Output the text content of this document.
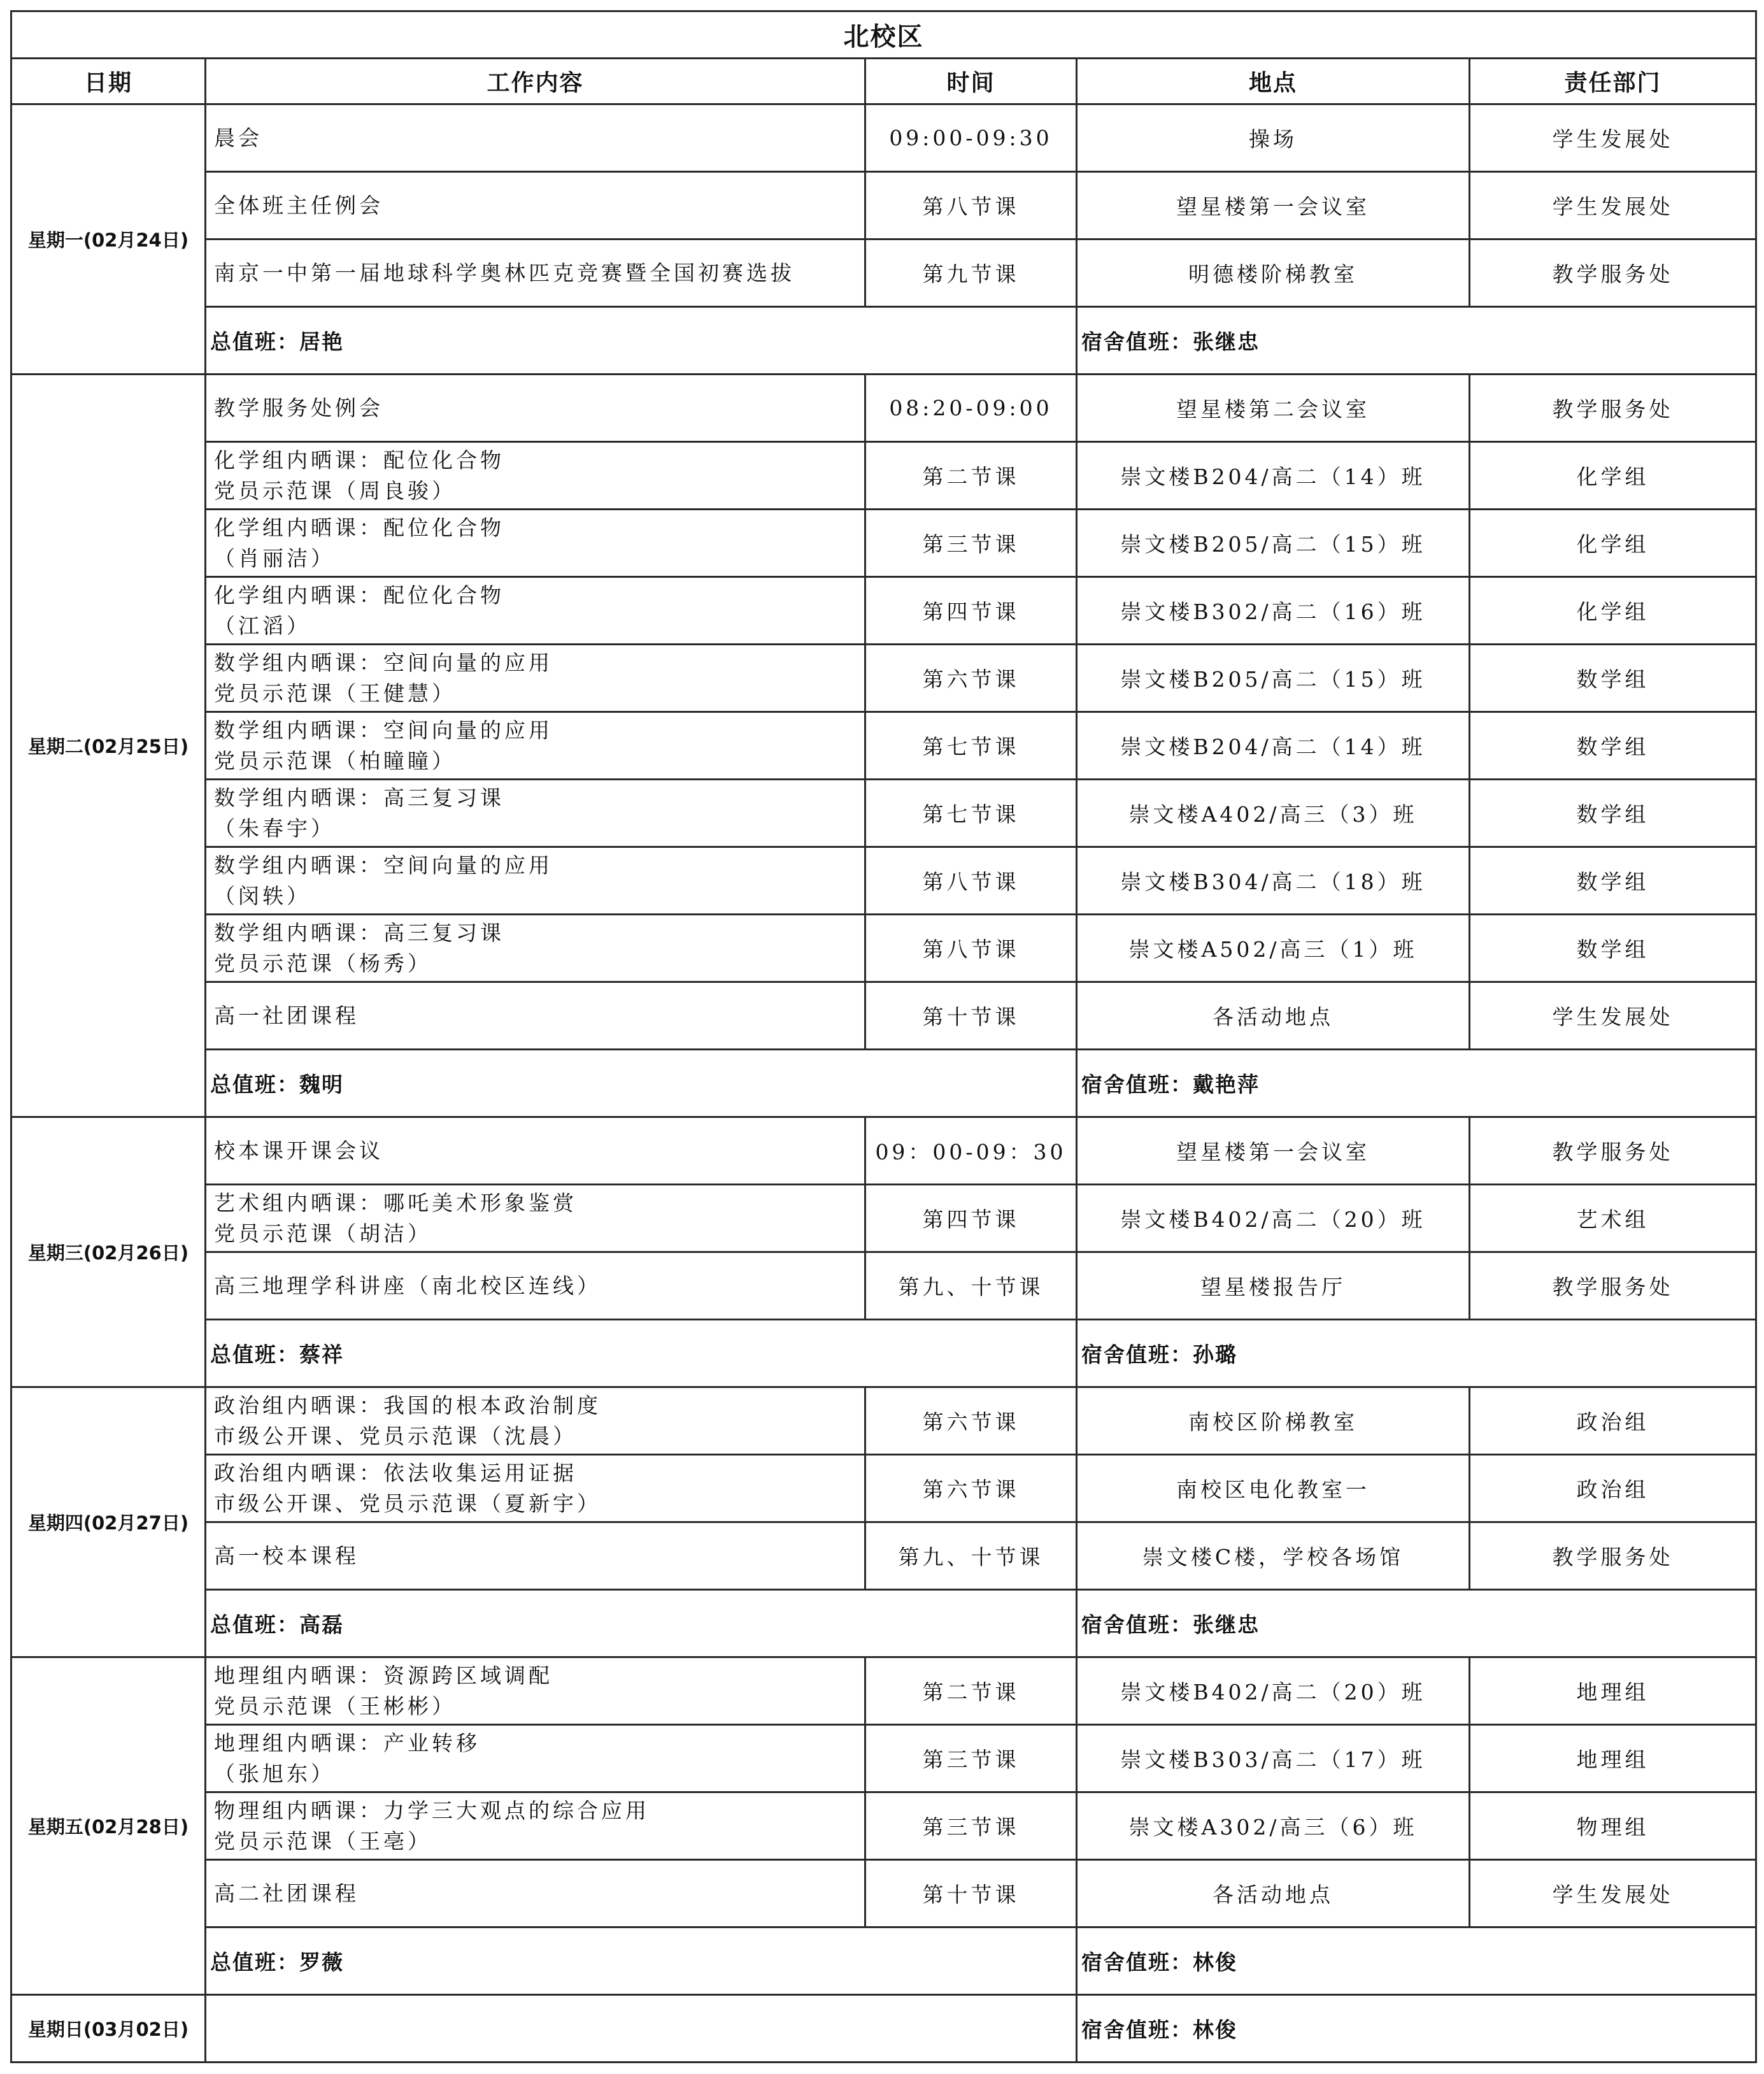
北校区				
日期	工作内容	时间	地点	责任部门
星期一(02月24日)	晨会	09:00-09:30	操场	学生发展处

	全体班主任例会	第八节课	望星楼第一会议室	学生发展处

	南京一中第一届地球科学奥林匹克竞赛暨全国初赛选拔	第九节课	明德楼阶梯教室	教学服务处
	总值班：居艳		宿舍值班：张继忠	
星期二(02月25日)	教学服务处例会	08:20-09:00	望星楼第二会议室	教学服务处

	化学组内晒课：配位化合物
党员示范课（周良骏）	第二节课	崇文楼B204/高二（14）班	化学组

	化学组内晒课：配位化合物
（肖丽洁）	第三节课	崇文楼B205/高二（15）班	化学组

	化学组内晒课：配位化合物
（江滔）	第四节课	崇文楼B302/高二（16）班	化学组

	数学组内晒课：空间向量的应用
党员示范课（王健慧）	第六节课	崇文楼B205/高二（15）班	数学组

	数学组内晒课：空间向量的应用
党员示范课（柏瞳瞳）	第七节课	崇文楼B204/高二（14）班	数学组

	数学组内晒课：高三复习课
（朱春宇）	第七节课	崇文楼A402/高三（3）班	数学组

	数学组内晒课：空间向量的应用
（闵轶）	第八节课	崇文楼B304/高二（18）班	数学组

	数学组内晒课：高三复习课
党员示范课（杨秀）	第八节课	崇文楼A502/高三（1）班	数学组

	高一社团课程	第十节课	各活动地点	学生发展处
	总值班：魏明		宿舍值班：戴艳萍	
星期三(02月26日)	校本课开课会议	09：00-09：30	望星楼第一会议室	教学服务处

	艺术组内晒课：哪吒美术形象鉴赏
党员示范课（胡洁）	第四节课	崇文楼B402/高二（20）班	艺术组

	高三地理学科讲座（南北校区连线）	第九、十节课	望星楼报告厅	教学服务处
	总值班：蔡祥		宿舍值班：孙璐	
星期四(02月27日)	政治组内晒课：我国的根本政治制度
市级公开课、党员示范课（沈晨）	第六节课	南校区阶梯教室	政治组

	政治组内晒课：依法收集运用证据
市级公开课、党员示范课（夏新宇）	第六节课	南校区电化教室一	政治组

	高一校本课程	第九、十节课	崇文楼C楼，学校各场馆	教学服务处
	总值班：高磊		宿舍值班：张继忠	
星期五(02月28日)	地理组内晒课：资源跨区域调配
党员示范课（王彬彬）	第二节课	崇文楼B402/高二（20）班	地理组

	地理组内晒课：产业转移
（张旭东）	第三节课	崇文楼B303/高二（17）班	地理组

	物理组内晒课：力学三大观点的综合应用
党员示范课（王亳）	第三节课	崇文楼A302/高三（6）班	物理组

	高二社团课程	第十节课	各活动地点	学生发展处
	总值班：罗薇		宿舍值班：林俊	
星期日(03月02日)			宿舍值班：林俊	
